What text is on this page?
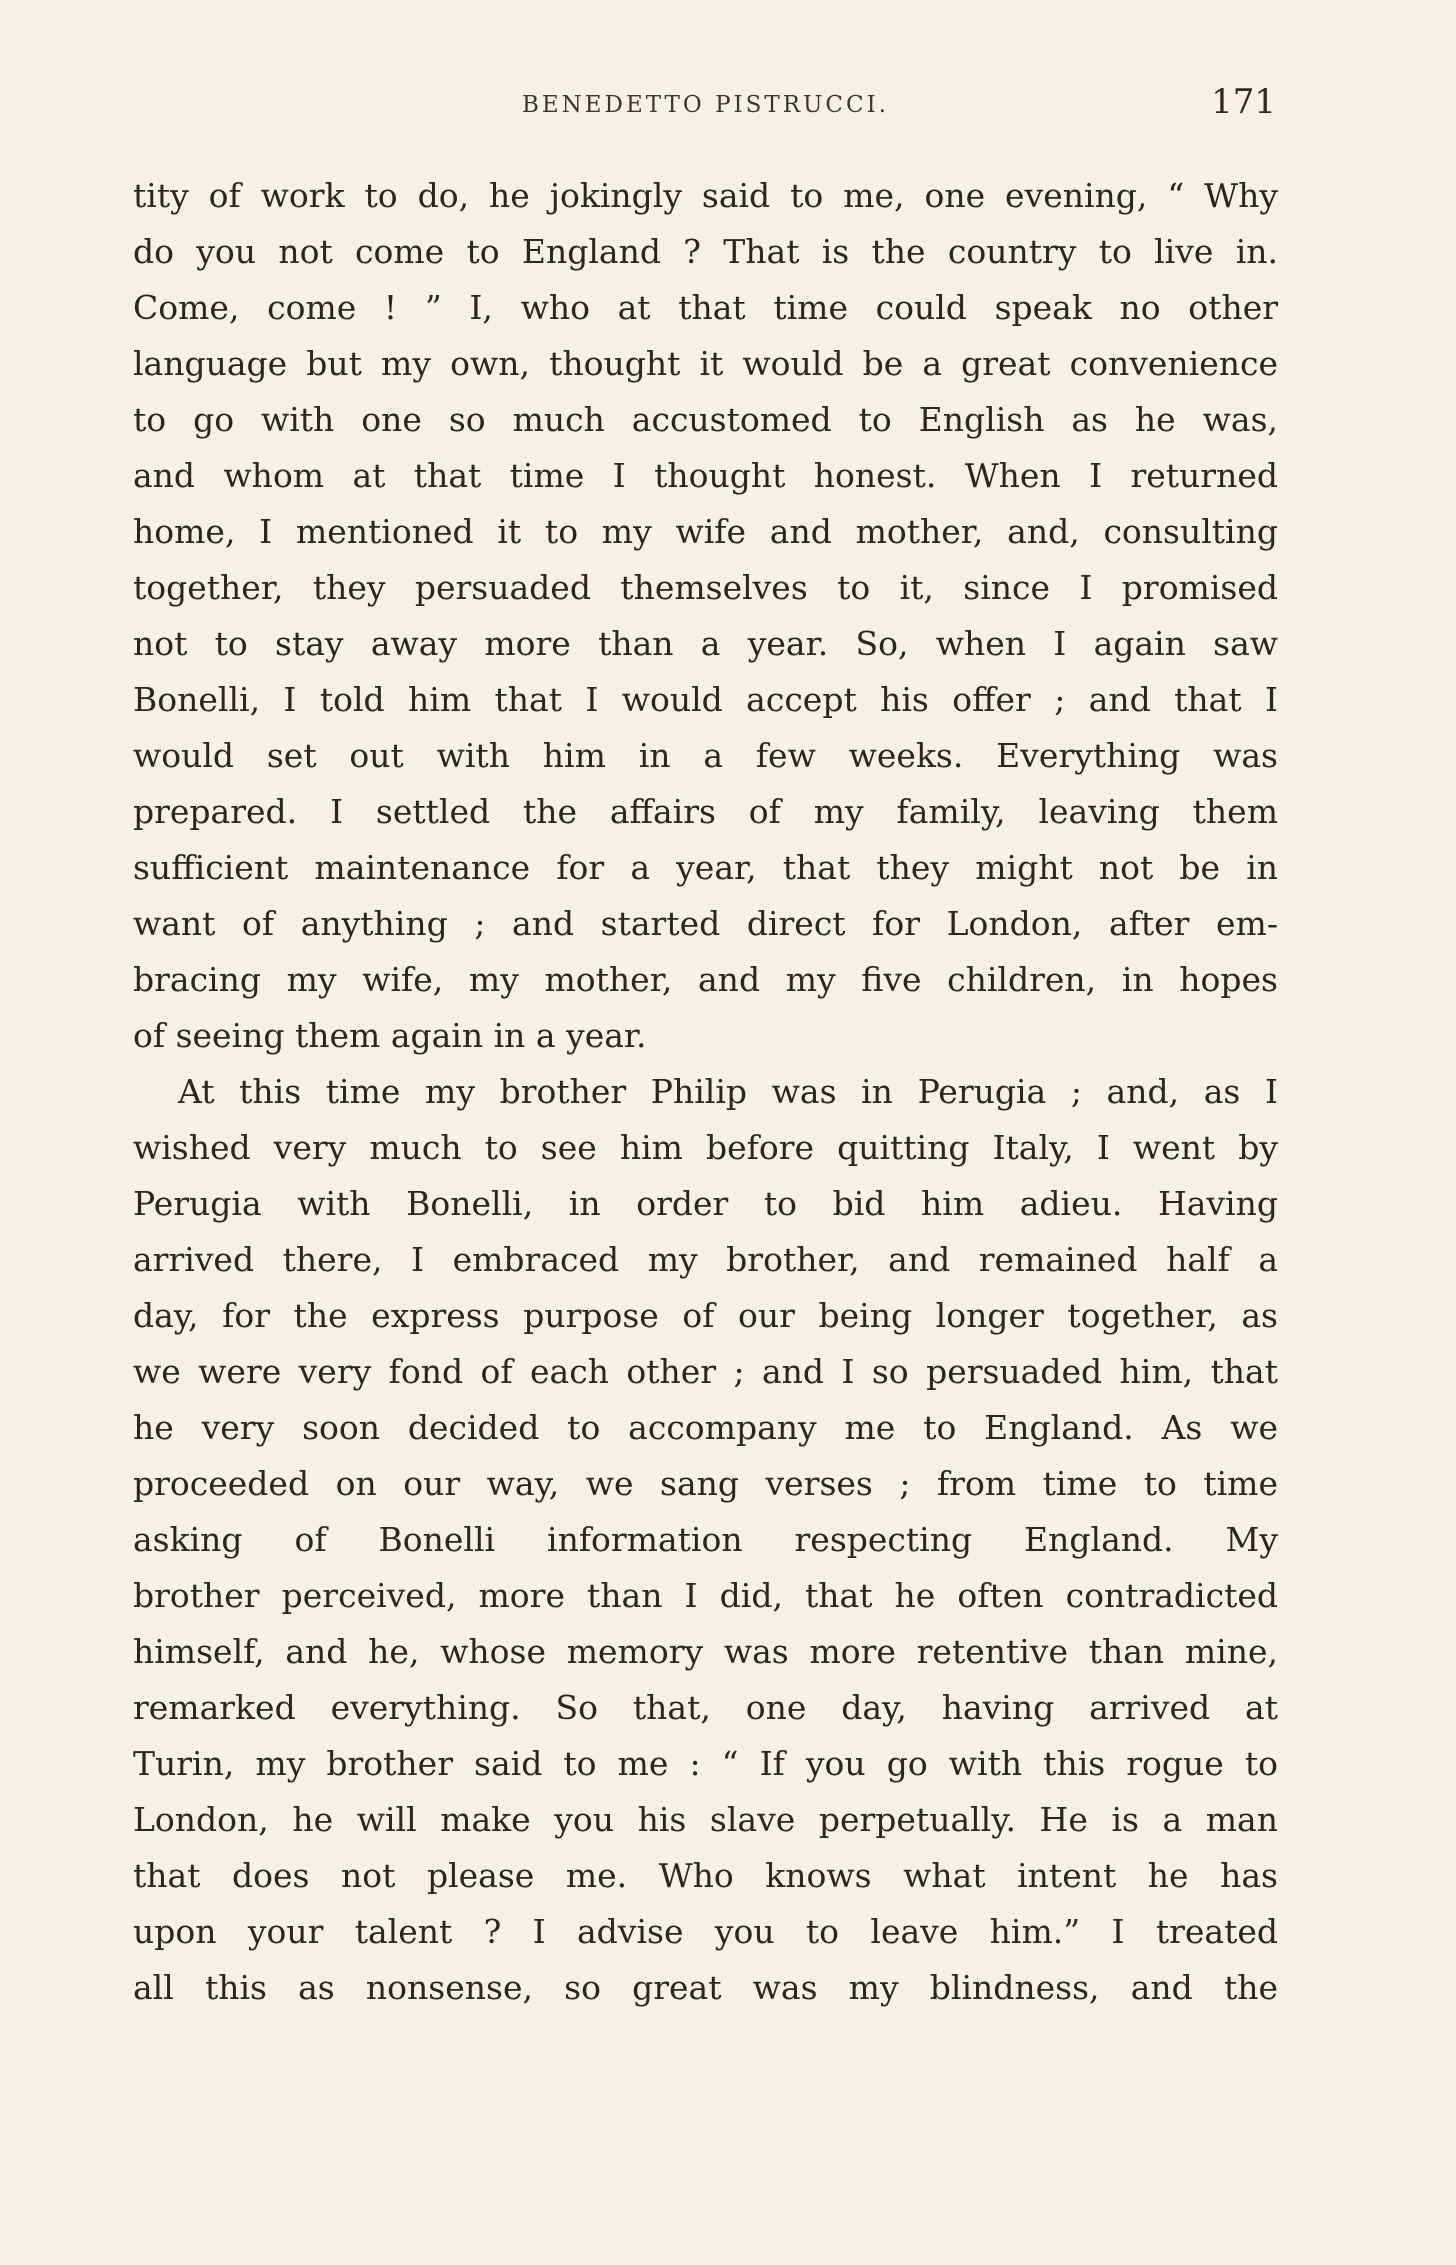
BENEDETTO PISTRUCCI.	171
tity of work to do, he jokingly said to me, one evening, “ Why
do you not come to England ? That is the country to live in.
Come, come ! ” I, who at that time could speak no other
language but my own, thought it would be a great convenience
to go with one so much accustomed to English as he was,
and whom at that time I thought honest. When I returned
home, I mentioned it to my wife and mother, and, consulting
together, they persuaded themselves to it, since I promised
not to stay away more than a year. So, when I again saw
Bonelli, I told him that I would accept his offer ; and that I
would set out with him in a few weeks. Everything was
prepared. I settled the affairs of my family, leaving them
sufficient maintenance for a year, that they might not be in
want of anything ; and started direct for London, after em-
bracing my wife, my mother, and my five children, in hopes
of seeing them again in a year.
At this time my brother Philip was in Perugia ; and, as I
wished very much to see him before quitting Italy, I went by
Perugia with Bonelli, in order to bid him adieu. Having
arrived there, I embraced my brother, and remained half a
day, for the express purpose of our being longer together, as
we were very fond of each other ; and I so persuaded him, that
he very soon decided to accompany me to England. As we
proceeded on our way, we sang verses ; from time to time
asking of Bonelli information respecting England. My
brother perceived, more than I did, that he often contradicted
himself, and he, whose memory was more retentive than mine,
remarked everything. So that, one day, having arrived at
Turin, my brother said to me : “ If you go with this rogue to
London, he will make you his slave perpetually. He is a man
that does not please me. Who knows what intent he has
upon your talent ? I advise you to leave him.” I treated
all this as nonsense, so great was my blindness, and the
